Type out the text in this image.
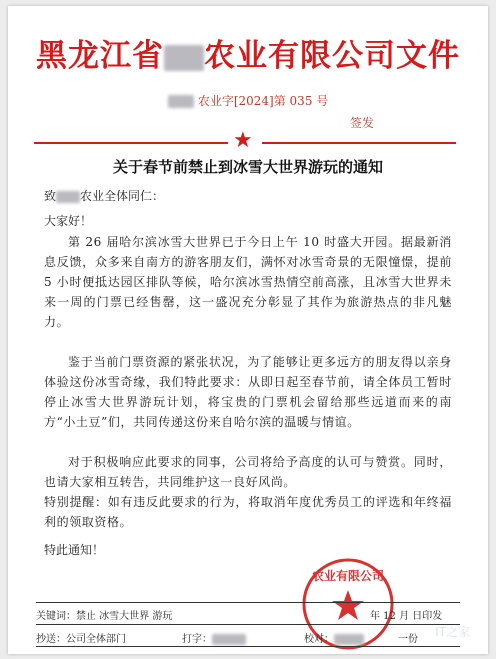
黑龙江省 农业有限公司文件
农业字[2024]第 035 号
签发
★
关于春节前禁止到冰雪大世界游玩的通知
致 农业全体同仁：
大家好！
第 26 届哈尔滨冰雪大世界已于今日上午 10 时盛大开园。据最新消息反馈，众多来自南方的游客朋友们，满怀对冰雪奇景的无限憧憬，提前 5 小时便抵达园区排队等候，哈尔滨冰雪热情空前高涨，且冰雪大世界未来一周的门票已经售罄，这一盛况充分彰显了其作为旅游热点的非凡魅力。
鉴于当前门票资源的紧张状况，为了能够让更多远方的朋友得以亲身体验这份冰雪奇缘，我们特此要求：从即日起至春节前，请全体员工暂时停止冰雪大世界游玩计划，将宝贵的门票机会留给那些远道而来的南方“小土豆”们，共同传递这份来自哈尔滨的温暖与情谊。
对于积极响应此要求的同事，公司将给予高度的认可与赞赏。同时，也请大家相互转告，共同维护这一良好风尚。
特别提醒：如有违反此要求的行为，将取消年度优秀员工的评选和年终福利的领取资格。
特此通知！
农业有限公司
关键词：禁止 冰雪大世界 游玩	年 12 月 日印发
抄送：公司全体部门	打字：	校对：	一份
IT之家
